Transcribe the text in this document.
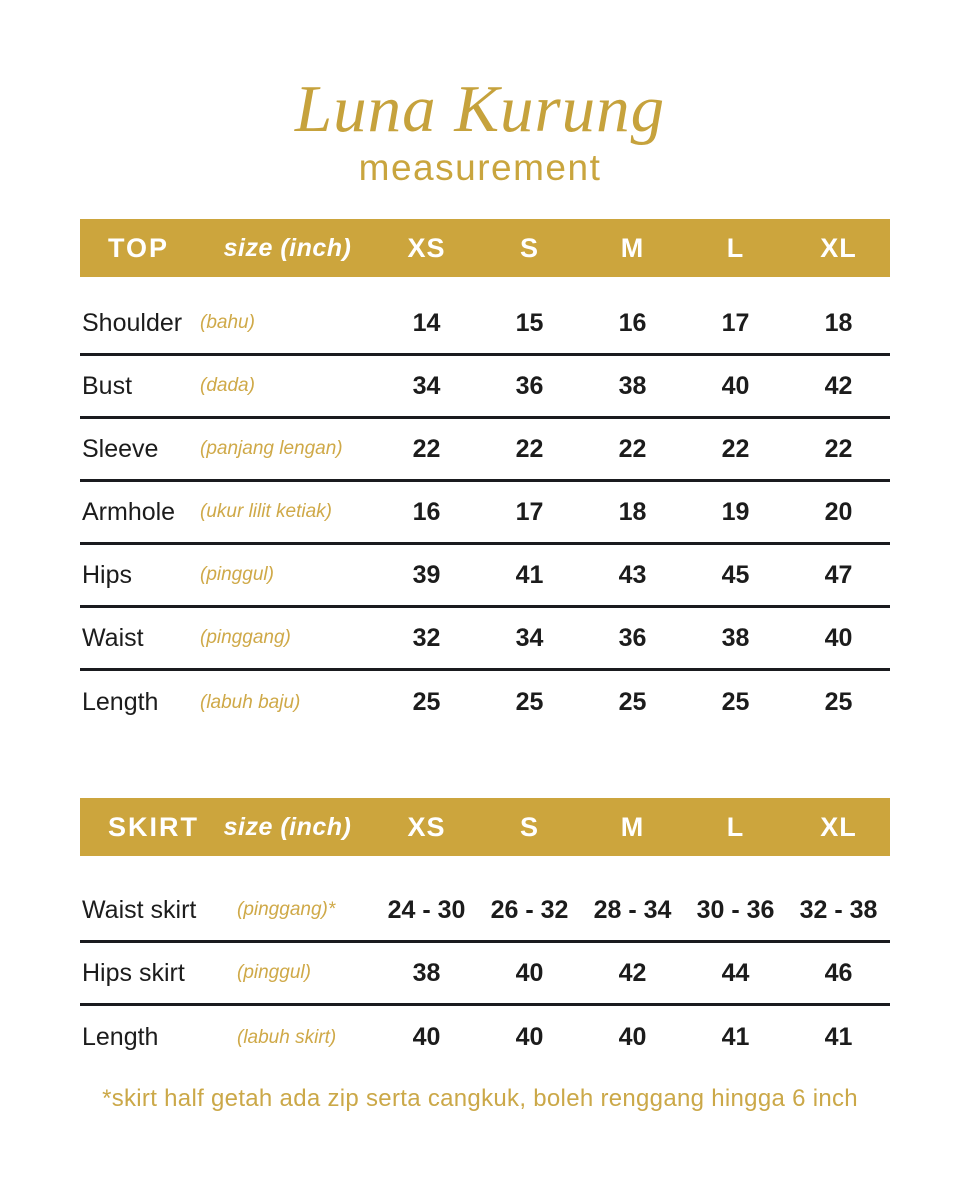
Luna Kurung
measurement
TOP	size (inch)	XS	S	M	L	XL
Shoulder (bahu)	14	15	16	17	18
Bust	(dada)	34	36	38	40	42
Sleeve	(panjang lengan)	22	22	22	22	22
Armhole	(ukur lilit ketiak)	16	17	18	19	20
Hips	(pinggul)	39	41	43	45	47
Waist	(pinggang)	32	34	36	38	40
Length	(labuh baju)	25	25	25	25	25
SKIRT size (inch)	XS	S	M	L	XL
Waist skirt	(pinggang)*	24 - 30	26 - 32	28 - 34	30 - 36	32 - 38
Hips skirt	(pinggul)	38	40	42	44	46
Length	(labuh skirt)	40	40	40	41	41
*skirt half getah ada zip serta cangkuk, boleh renggang hingga 6 inch
